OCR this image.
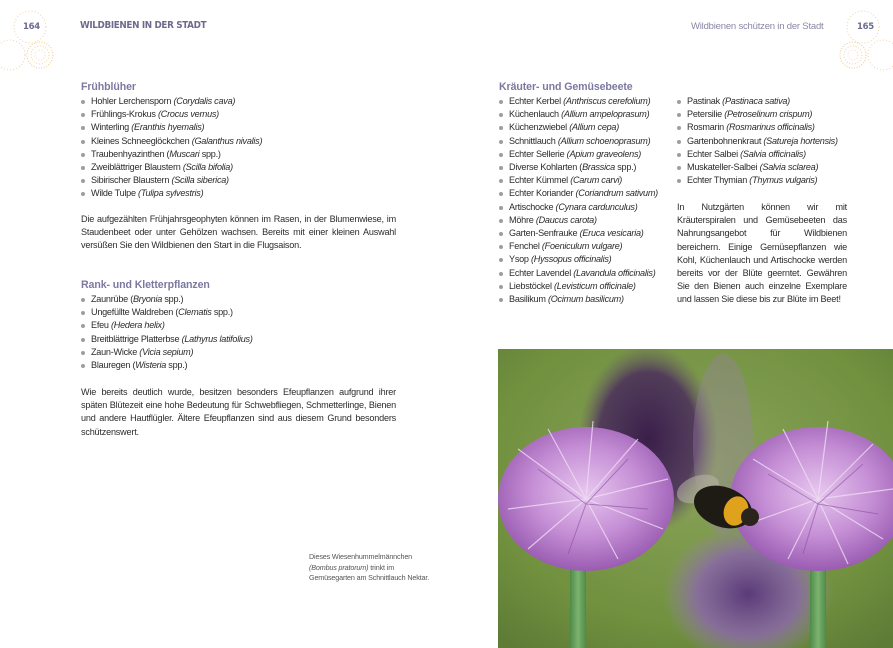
164	WILDBIENEN IN DER STADT	Wildbienen schützen in der Stadt	165
Frühblüher
Hohler Lerchensporn (Corydalis cava)
Frühlings-Krokus (Crocus vernus)
Winterling (Eranthis hyemalis)
Kleines Schneeglöckchen (Galanthus nivalis)
Traubenhyazinthen (Muscari spp.)
Zweiblättriger Blaustern (Scilla bifolia)
Sibirischer Blaustern (Scilla siberica)
Wilde Tulpe (Tulipa sylvestris)

Die aufgezählten Frühjahrsgeophyten können im Rasen, in der Blumenwiese, im Staudenbeet oder unter Gehölzen wachsen. Bereits mit einer kleinen Auswahl versüßen Sie den Wildbienen den Start in die Flugsaison.

Rank- und Kletterpflanzen
Zaunrübe (Bryonia spp.)
Ungefüllte Waldreben (Clematis spp.)
Efeu (Hedera helix)
Breitblättrige Platterbse (Lathyrus latifolius)
Zaun-Wicke (Vicia sepium)
Blauregen (Wisteria spp.)

Wie bereits deutlich wurde, besitzen besonders Efeupflanzen aufgrund ihrer späten Blütezeit eine hohe Bedeutung für Schwebfliegen, Schmetterlinge, Bienen und andere Hautflügler. Ältere Efeupflanzen sind aus diesem Grund besonders schützenswert.

Dieses Wiesenhummelmännchen (Bombus pratorum) trinkt im Gemüsegarten am Schnittlauch Nektar.

Kräuter- und Gemüsebeete
Echter Kerbel (Anthriscus cerefolium)
Küchenlauch (Allium ampeloprasum)
Küchenzwiebel (Allium cepa)
Schnittlauch (Allium schoenoprasum)
Echter Sellerie (Apium graveolens)
Diverse Kohlarten (Brassica spp.)
Echter Kümmel (Carum carvi)
Echter Koriander (Coriandrum sativum)
Artischocke (Cynara cardunculus)
Möhre (Daucus carota)
Garten-Senfrauke (Eruca vesicaria)
Fenchel (Foeniculum vulgare)
Ysop (Hyssopus officinalis)
Echter Lavendel (Lavandula officinalis)
Liebstöckel (Levisticum officinale)
Basilikum (Ocimum basilicum)
Pastinak (Pastinaca sativa)
Petersilie (Petroselinum crispum)
Rosmarin (Rosmarinus officinalis)
Gartenbohnenkraut (Satureja hortensis)
Echter Salbei (Salvia officinalis)
Muskateller-Salbei (Salvia sclarea)
Echter Thymian (Thymus vulgaris)

In Nutzgärten können wir mit Kräuterspiralen und Gemüsebeeten das Nahrungsangebot für Wildbienen bereichern. Einige Gemüsepflanzen wie Kohl, Küchenlauch und Artischocke werden bereits vor der Blüte geerntet. Gewähren Sie den Bienen auch einzelne Exemplare und lassen Sie diese bis zur Blüte im Beet!
